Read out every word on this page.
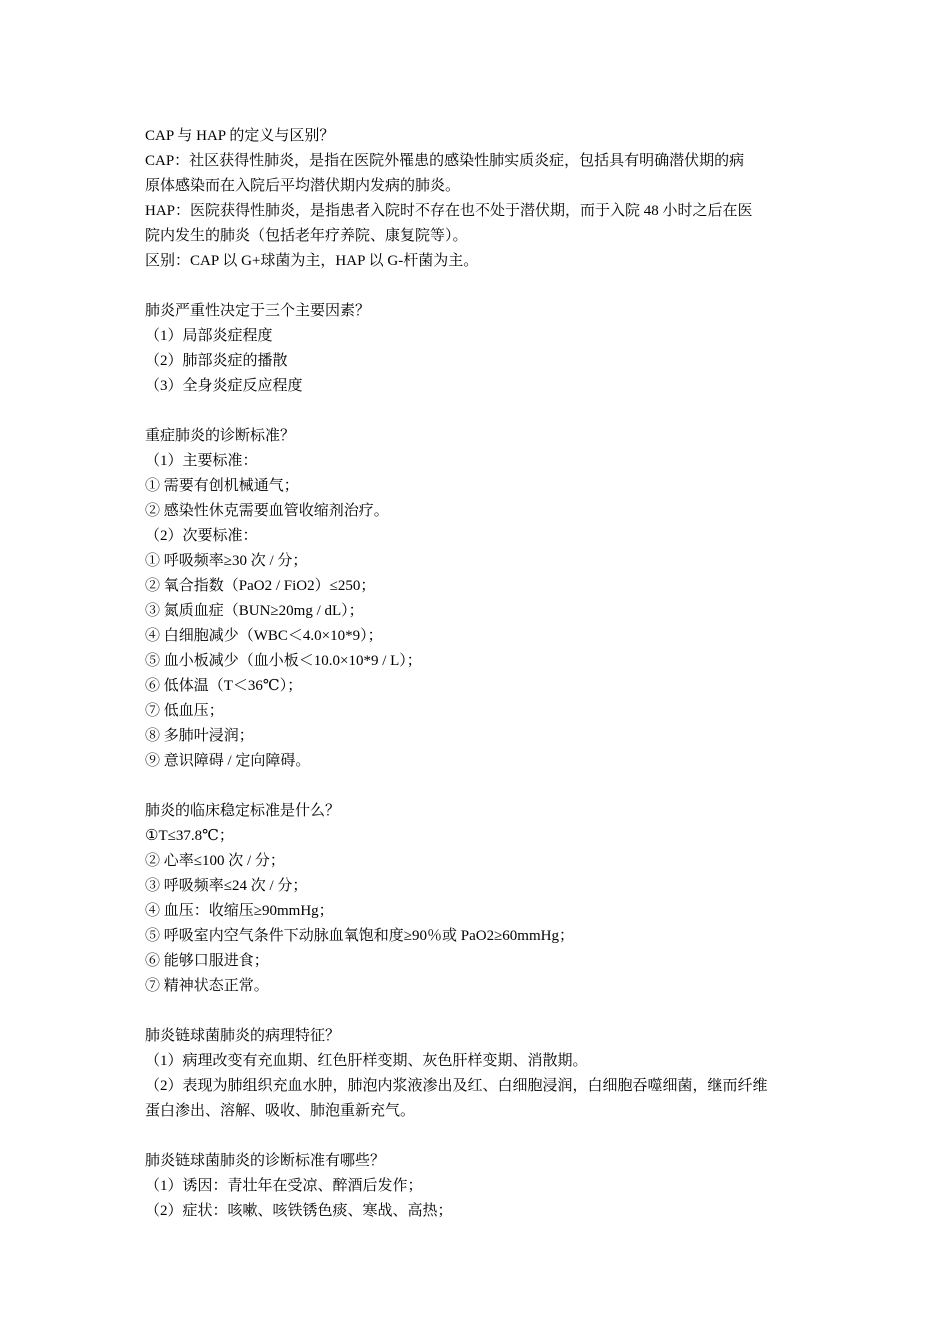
CAP 与 HAP 的定义与区别？
CAP：社区获得性肺炎，是指在医院外罹患的感染性肺实质炎症，包括具有明确潜伏期的病
原体感染而在入院后平均潜伏期内发病的肺炎。
HAP：医院获得性肺炎，是指患者入院时不存在也不处于潜伏期，而于入院 48 小时之后在医
院内发生的肺炎（包括老年疗养院、康复院等）。
区别：CAP 以 G+球菌为主，HAP 以 G-杆菌为主。
肺炎严重性决定于三个主要因素？
（1）局部炎症程度
（2）肺部炎症的播散
（3）全身炎症反应程度
重症肺炎的诊断标准？
（1）主要标准：
① 需要有创机械通气；
② 感染性休克需要血管收缩剂治疗。
（2）次要标准：
① 呼吸频率≥30 次 / 分；
② 氧合指数（PaO2 / FiO2）≤250；
③ 氮质血症（BUN≥20mg / dL）；
④ 白细胞减少（WBC＜4.0×10*9）；
⑤ 血小板减少（血小板＜10.0×10*9 / L）；
⑥ 低体温（T＜36℃）；
⑦ 低血压；
⑧ 多肺叶浸润；
⑨ 意识障碍 / 定向障碍。
肺炎的临床稳定标准是什么？
①T≤37.8℃；
② 心率≤100 次 / 分；
③ 呼吸频率≤24 次 / 分；
④ 血压：收缩压≥90mmHg；
⑤ 呼吸室内空气条件下动脉血氧饱和度≥90％或 PaO2≥60mmHg；
⑥ 能够口服进食；
⑦ 精神状态正常。
肺炎链球菌肺炎的病理特征？
（1）病理改变有充血期、红色肝样变期、灰色肝样变期、消散期。
（2）表现为肺组织充血水肿，肺泡内浆液渗出及红、白细胞浸润，白细胞吞噬细菌，继而纤维
蛋白渗出、溶解、吸收、肺泡重新充气。
肺炎链球菌肺炎的诊断标准有哪些？
（1）诱因：青壮年在受凉、醉酒后发作；
（2）症状：咳嗽、咳铁锈色痰、寒战、高热；
